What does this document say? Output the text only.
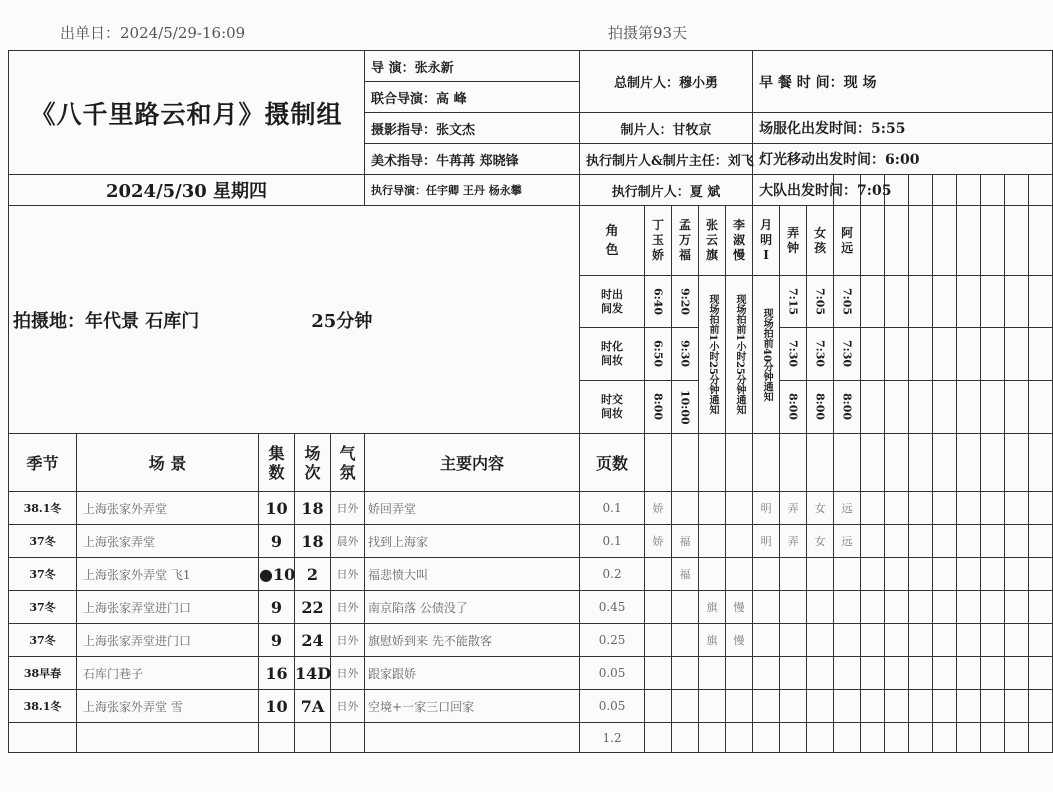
出单日：2024/5/29-16:09	拍摄第93天
《八千里路云和月》摄制组					导 演：张永新	总制片人：穆小勇					早 餐 时 间：现 场											
					联合导演：高 峰																	
					摄影指导：张文杰	制片人：甘牧京					场服化出发时间：5:55											
					美术指导：牛苒苒 郑晓锋	执行制片人&制片主任：刘飞					灯光移动出发时间：6:00											
2024/5/30 星期四					执行导演：任宇卿 王丹 杨永攀	执行制片人：夏 斌					大队出发时间：7:05											

拍摄地：年代景 石库门 25分钟						角色	丁玉娇	孟万福	张云旗	李淑慢	月明I	弄钟	女孩	阿远								

						时出间发	6:40	9:20	现场拍前1小时25分钟通知	现场拍前1小时25分钟通知	现场拍前40分钟通知	7:15	7:05	7:05								

						时化间妆	6:50	9:30				7:30	7:30	7:30								

						时交间妆	8:00	10:00				8:00	8:00	8:00								

季节	场 景	集数	场次	气氛	主要内容	页数																
38.1冬	上海张家外弄堂	10	18	日外	娇回弄堂	0.1	娇				明	弄	女	远								
37冬	上海张家弄堂	9	18	晨外	找到上海家	0.1	娇	福			明	弄	女	远								
37冬	上海张家外弄堂 飞1	●10	2	日外	福悲愤大叫	0.2		福														
37冬	上海张家弄堂进门口	9	22	日外	南京陷落 公债没了	0.45			旗	慢												
37冬	上海张家弄堂进门口	9	24	日外	旗慰娇到来 先不能散客	0.25			旗	慢												
38早春	石库门巷子	16	14D	日外	跟家跟娇	0.05																
38.1冬	上海张家外弄堂 雪	10	7A	日外	空境+一家三口回家	0.05																
						1.2																
